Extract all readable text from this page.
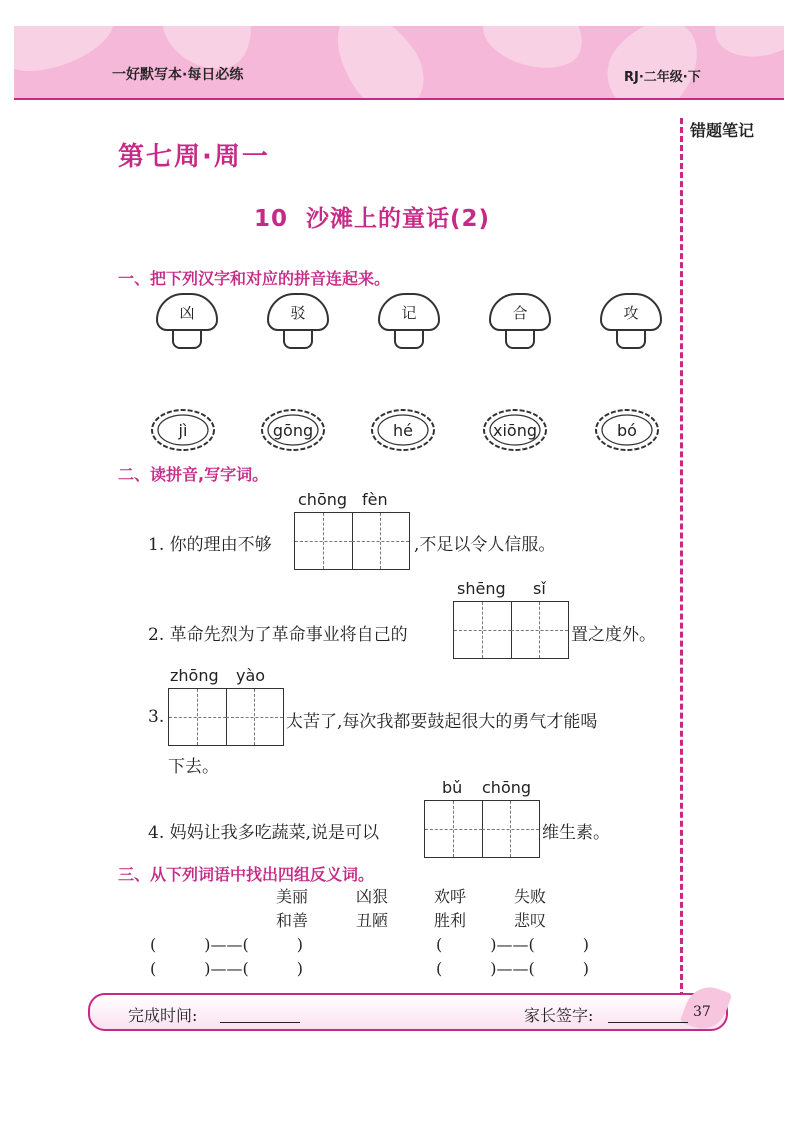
一好默写本·每日必练	RJ·二年级·下
错题笔记
第七周·周一
10 沙滩上的童话(2)
一、把下列汉字和对应的拼音连起来。
凶	驳	记	合	攻
jì	gōng	hé	xiōng	bó
二、读拼音,写字词。
chōng fèn
1. 你的理由不够	,不足以令人信服。
shēng sǐ
2. 革命先烈为了革命事业将自己的	置之度外。
zhōng yào
3.	太苦了,每次我都要鼓起很大的勇气才能喝
下去。
bǔ chōng
4. 妈妈让我多吃蔬菜,说是可以	维生素。
三、从下列词语中找出四组反义词。
美丽	凶狠	欢呼	失败
和善	丑陋	胜利	悲叹
(　　　)——(　　　)	(　　　)——(　　　)
(　　　)——(　　　)	(　　　)——(　　　)
完成时间:	家长签字:	37
